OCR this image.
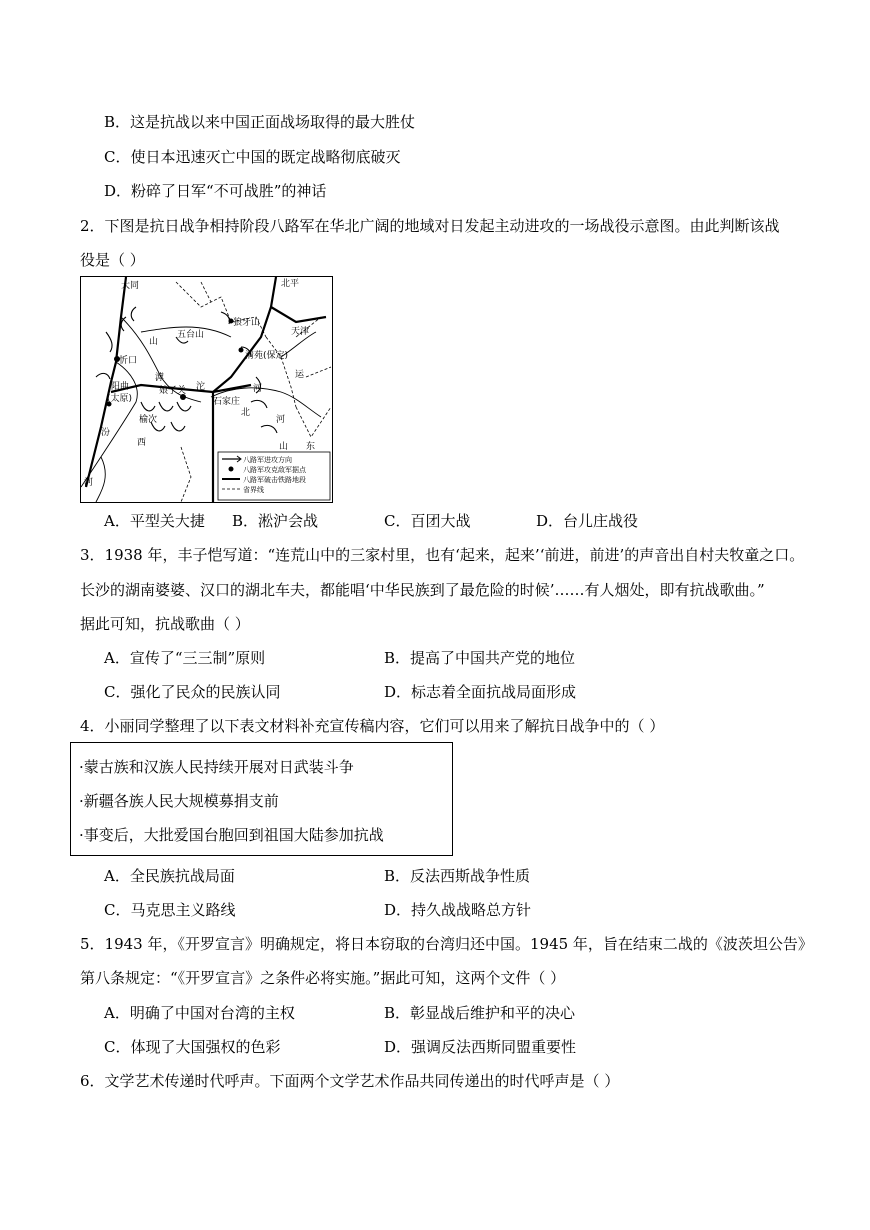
B．这是抗战以来中国正面战场取得的最大胜仗
C．使日本迅速灭亡中国的既定战略彻底破灭
D．粉碎了日军“不可战胜”的神话
2．下图是抗日战争相持阶段八路军在华北广阔的地域对日发起主动进攻的一场战役示意图。由此判断该战
役是（ ）
大同	北平
狼牙山
五台山
山
天津
忻口	清苑(保定)
运
阳曲
(太原)
滹
沱
娘子关	河
石家庄
河
北
榆次
汾
山 东
西
河
八路军进攻方向
八路军攻克敌军据点
八路军破击铁路地段
省界线
A．平型关大捷 B．淞沪会战	C．百团大战	D．台儿庄战役
3．1938 年，丰子恺写道：“连荒山中的三家村里，也有‘起来，起来’‘前进，前进’的声音出自村夫牧童之口。
长沙的湖南婆婆、汉口的湖北车夫，都能唱‘中华民族到了最危险的时候’……有人烟处，即有抗战歌曲。”
据此可知，抗战歌曲（ ）
A．宣传了“三三制”原则	B．提高了中国共产党的地位
C．强化了民众的民族认同	D．标志着全面抗战局面形成
4．小丽同学整理了以下表文材料补充宣传稿内容，它们可以用来了解抗日战争中的（ ）
·蒙古族和汉族人民持续开展对日武装斗争
·新疆各族人民大规模募捐支前
·事变后，大批爱国台胞回到祖国大陆参加抗战
A．全民族抗战局面	B．反法西斯战争性质
C．马克思主义路线	D．持久战战略总方针
5．1943 年，《开罗宣言》明确规定，将日本窃取的台湾归还中国。1945 年，旨在结束二战的《波茨坦公告》
第八条规定：“《开罗宣言》之条件必将实施。”据此可知，这两个文件（ ）
A．明确了中国对台湾的主权	B．彰显战后维护和平的决心
C．体现了大国强权的色彩	D．强调反法西斯同盟重要性
6．文学艺术传递时代呼声。下面两个文学艺术作品共同传递出的时代呼声是（ ）
